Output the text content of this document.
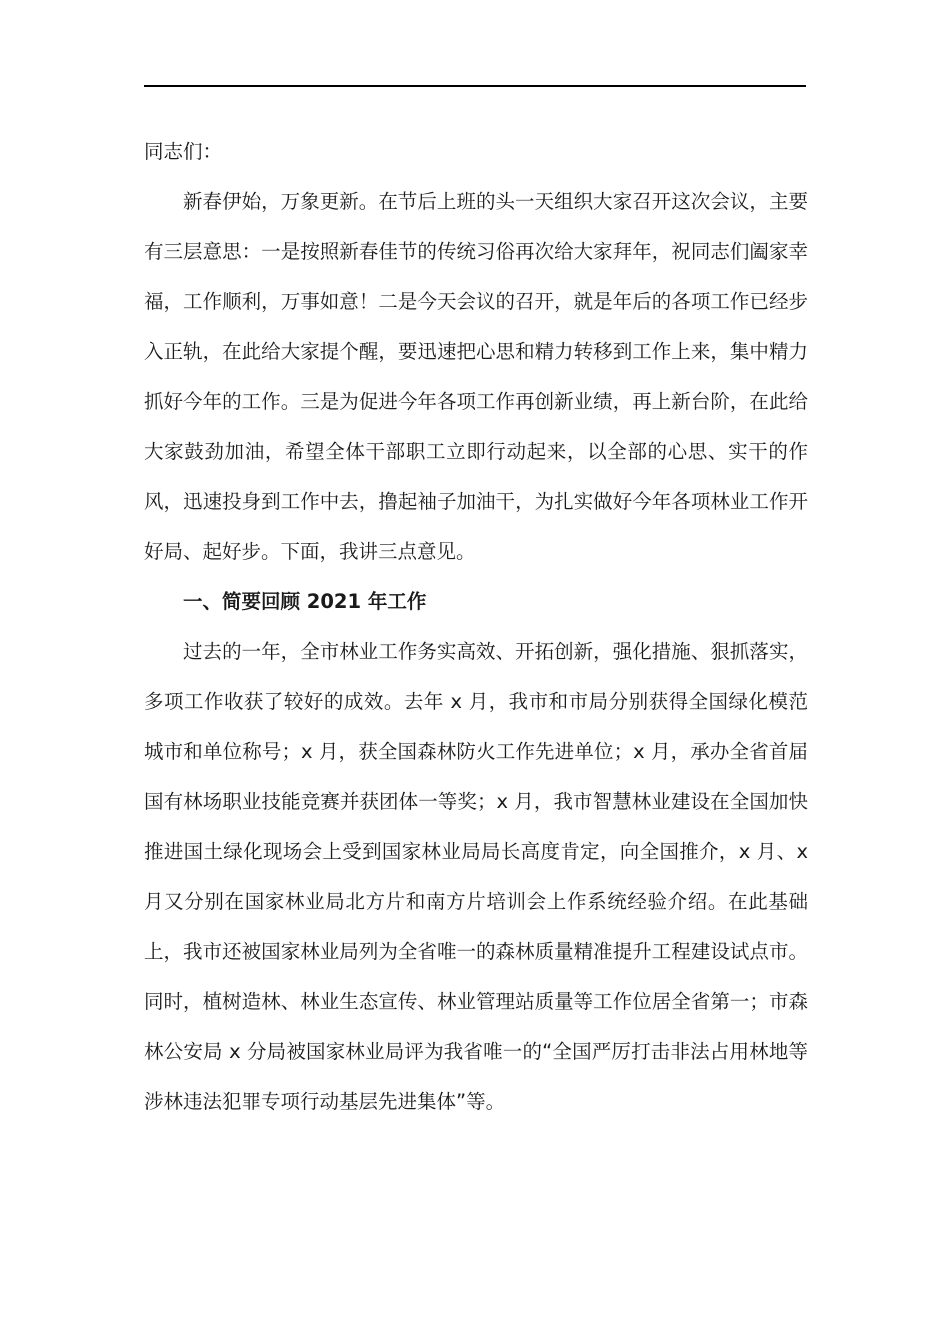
同志们：

新春伊始，万象更新。在节后上班的头一天组织大家召开这次会议，主要有三层意思：一是按照新春佳节的传统习俗再次给大家拜年，祝同志们阖家幸福，工作顺利，万事如意！二是今天会议的召开，就是年后的各项工作已经步入正轨，在此给大家提个醒，要迅速把心思和精力转移到工作上来，集中精力抓好今年的工作。三是为促进今年各项工作再创新业绩，再上新台阶，在此给大家鼓劲加油，希望全体干部职工立即行动起来，以全部的心思、实干的作风，迅速投身到工作中去，撸起袖子加油干，为扎实做好今年各项林业工作开好局、起好步。下面，我讲三点意见。

一、简要回顾 2021 年工作

过去的一年，全市林业工作务实高效、开拓创新，强化措施、狠抓落实，多项工作收获了较好的成效。去年 x 月，我市和市局分别获得全国绿化模范城市和单位称号；x 月，获全国森林防火工作先进单位；x 月，承办全省首届国有林场职业技能竞赛并获团体一等奖；x 月，我市智慧林业建设在全国加快推进国土绿化现场会上受到国家林业局局长高度肯定，向全国推介，x 月、x 月又分别在国家林业局北方片和南方片培训会上作系统经验介绍。在此基础上，我市还被国家林业局列为全省唯一的森林质量精准提升工程建设试点市。同时，植树造林、林业生态宣传、林业管理站质量等工作位居全省第一；市森林公安局 x 分局被国家林业局评为我省唯一的“全国严厉打击非法占用林地等涉林违法犯罪专项行动基层先进集体”等。
